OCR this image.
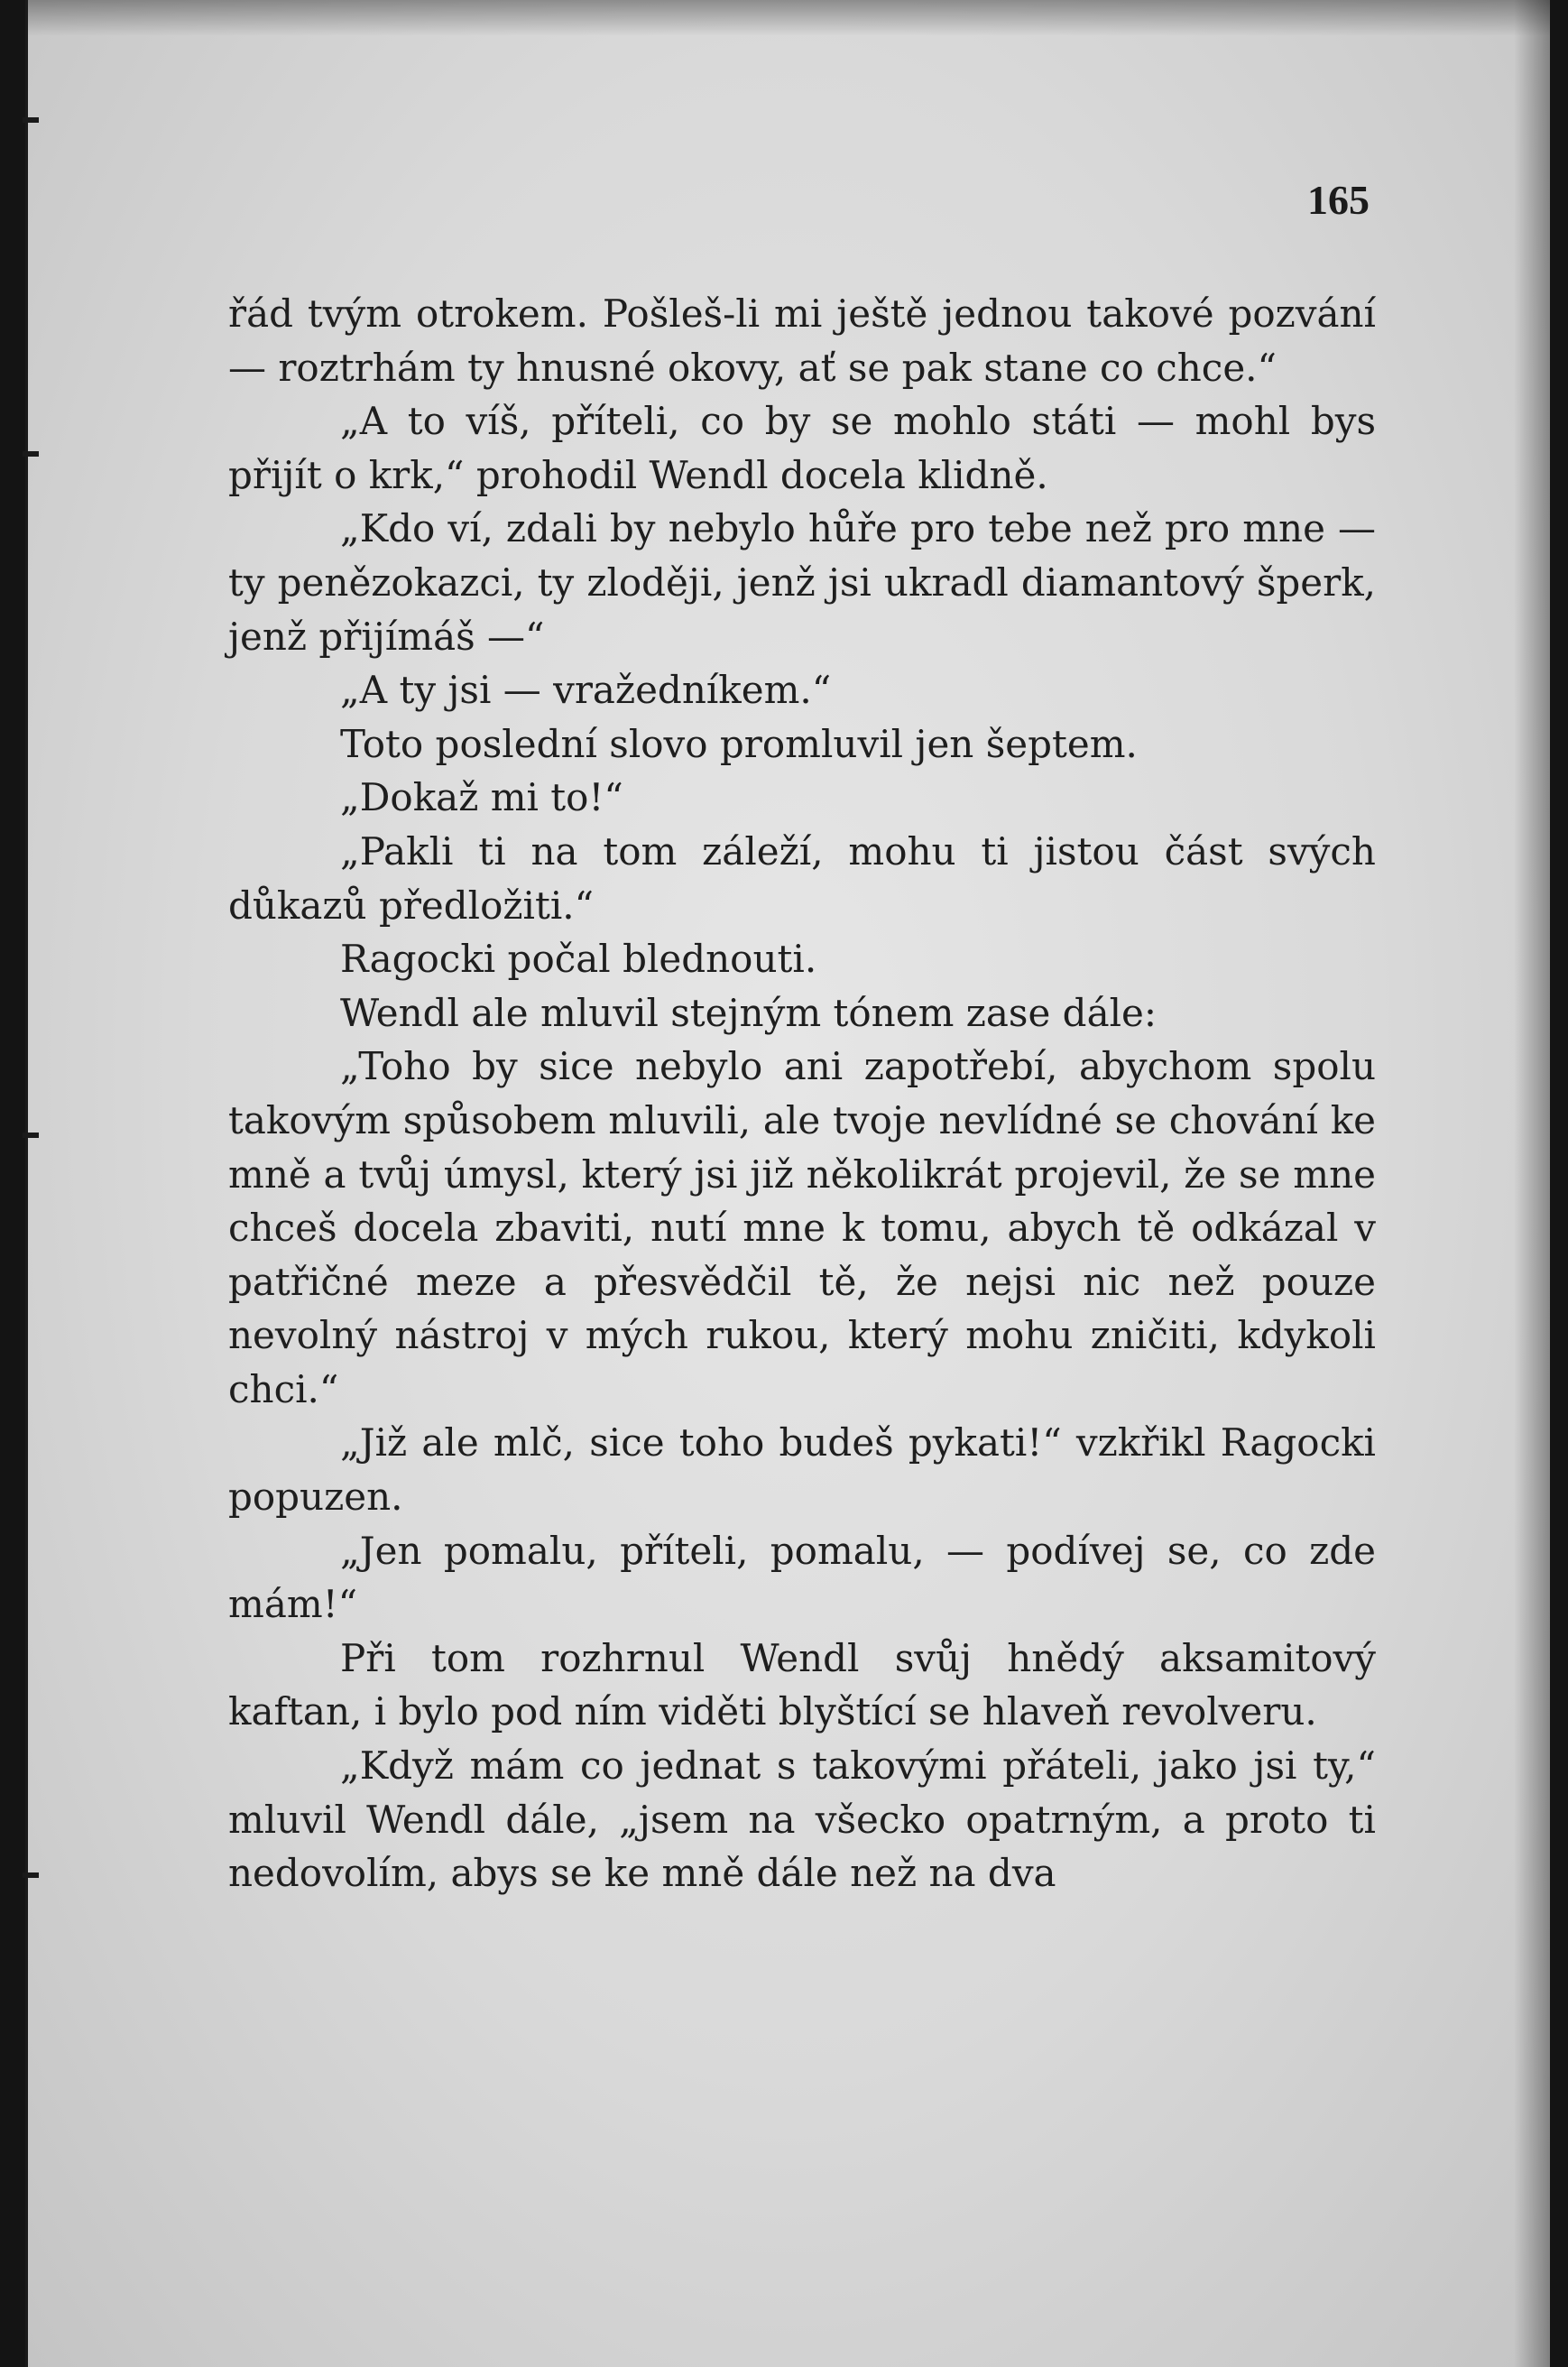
165

řád tvým otrokem. Pošleš-li mi ještě jednou takové pozvání — roztrhám ty hnusné okovy, ať se pak stane co chce.“

„A to víš, příteli, co by se mohlo státi — mohl bys přijít o krk,“ prohodil Wendl docela klidně.

„Kdo ví, zdali by nebylo hůře pro tebe než pro mne — ty penězokazci, ty zloději, jenž jsi ukradl diamantový šperk, jenž přijímáš —“

„A ty jsi — vražedníkem.“

Toto poslední slovo promluvil jen šeptem.

„Dokaž mi to!“

„Pakli ti na tom záleží, mohu ti jistou část svých důkazů předložiti.“

Ragocki počal blednouti.

Wendl ale mluvil stejným tónem zase dále:

„Toho by sice nebylo ani zapotřebí, abychom spolu takovým spůsobem mluvili, ale tvoje nevlídné se chování ke mně a tvůj úmysl, který jsi již několikrát projevil, že se mne chceš docela zbaviti, nutí mne k tomu, abych tě odkázal v patřičné meze a přesvědčil tě, že nejsi nic než pouze nevolný nástroj v mých rukou, který mohu zničiti, kdykoli chci.“

„Již ale mlč, sice toho budeš pykati!“ vzkřikl Ragocki popuzen.

„Jen pomalu, příteli, pomalu, — podívej se, co zde mám!“

Při tom rozhrnul Wendl svůj hnědý aksamitový kaftan, i bylo pod ním viděti blyštící se hlaveň revolveru.

„Když mám co jednat s takovými přáteli, jako jsi ty,“ mluvil Wendl dále, „jsem na všecko opatrným, a proto ti nedovolím, abys se ke mně dále než na dva
